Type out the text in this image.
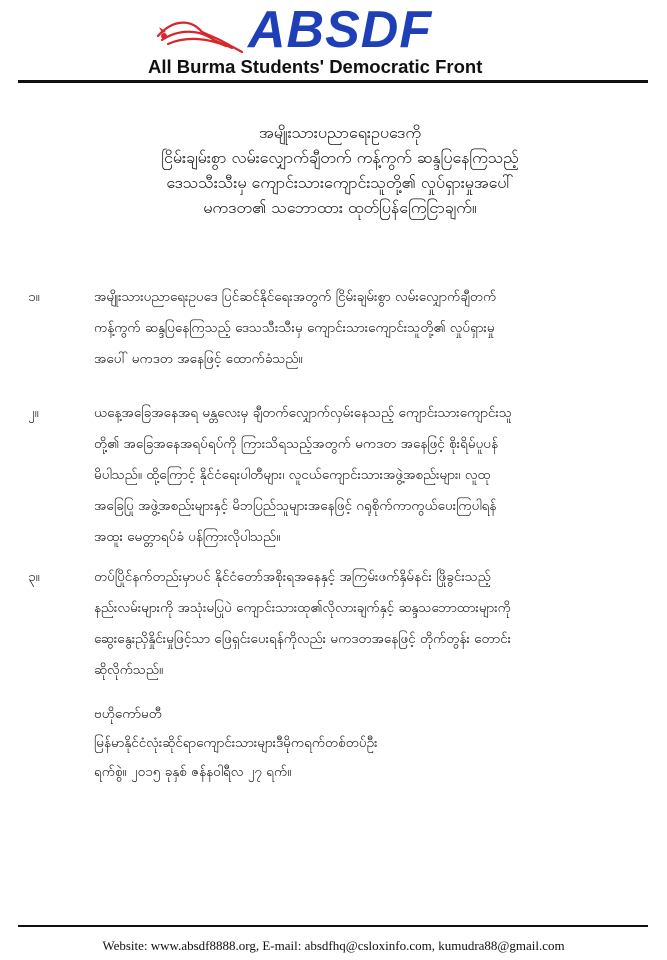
ABSDF
All Burma Students' Democratic Front
အမျိုးသားပညာရေးဥပဒေကို
ငြိမ်းချမ်းစွာ လမ်းလျှောက်ချီတက် ကန့်ကွက် ဆန္ဒပြနေကြသည့်
ဒေသသီးသီးမှ ကျောင်းသားကျောင်းသူတို့၏ လှုပ်ရှားမှုအပေါ်
မကဒတ၏ သဘောထား ထုတ်ပြန်ကြေငြာချက်။
၁။	အမျိုးသားပညာရေးဥပဒေ ပြင်ဆင်နိုင်ရေးအတွက် ငြိမ်းချမ်းစွာ လမ်းလျှောက်ချီတက်
ကန့်ကွက် ဆန္ဒပြနေကြသည့် ဒေသသီးသီးမှ ကျောင်းသားကျောင်းသူတို့၏ လှုပ်ရှားမှု
အပေါ် မကဒတ အနေဖြင့် ထောက်ခံသည်။
၂။	ယနေ့အခြေအနေအရ မန္တလေးမှ ချီတက်လျှောက်လှမ်းနေသည့် ကျောင်းသားကျောင်းသူ
တို့၏ အခြေအနေအရပ်ရပ်ကို ကြားသိရသည့်အတွက် မကဒတ အနေဖြင့် စိုးရိမ်ပူပန်
မိပါသည်။ ထို့ကြောင့် နိုင်ငံရေးပါတီများ၊ လူငယ်ကျောင်းသားအဖွဲ့အစည်းများ၊ လူထု
အခြေပြု အဖွဲ့အစည်းများနှင့် မိဘပြည်သူများအနေဖြင့် ဂရုစိုက်ကာကွယ်ပေးကြပါရန်
အထူး မေတ္တာရပ်ခံ ပန်ကြားလိုပါသည်။
၃။	တပ်ပြိုင်နက်တည်းမှာပင် နိုင်ငံတော်အစိုးရအနေနှင့် အကြမ်းဖက်နှိမ်နင်း ဖြိုခွင်းသည့်
နည်းလမ်းများကို အသုံးမပြုပဲ ကျောင်းသားထု၏လိုလားချက်နှင့် ဆန္ဒသဘောထားများကို
ဆွေးနွေးညှိနှိုင်းမှုဖြင့်သာ ဖြေရှင်းပေးရန်ကိုလည်း မကဒတအနေဖြင့် တိုက်တွန်း တောင်း
ဆိုလိုက်သည်။
ဗဟိုကော်မတီ
မြန်မာနိုင်ငံလုံးဆိုင်ရာကျောင်းသားများဒီမိုကရက်တစ်တပ်ဦး
ရက်စွဲ။ ၂၀၁၅ ခုနှစ် ဇန်နဝါရီလ ၂၇ ရက်။
Website: www.absdf8888.org, E-mail: absdfhq@csloxinfo.com, kumudra88@gmail.com
